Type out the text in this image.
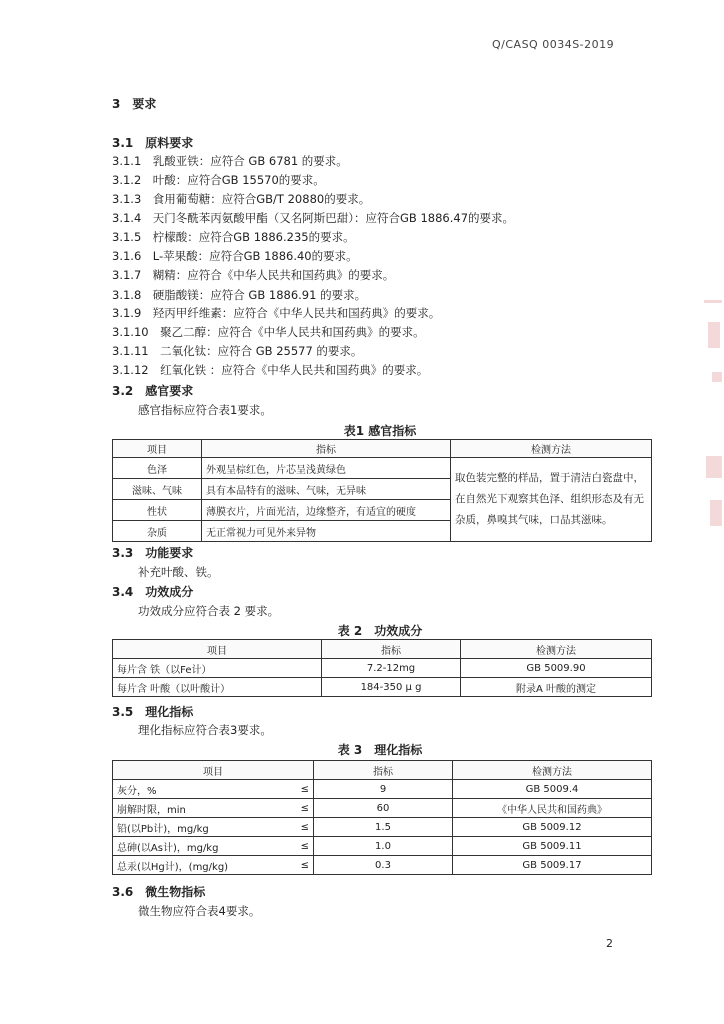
Q/CASQ 0034S-2019
3　要求
3.1　原料要求
3.1.1　乳酸亚铁：应符合 GB 6781 的要求。
3.1.2　叶酸：应符合GB 15570的要求。
3.1.3　食用葡萄糖：应符合GB/T 20880的要求。
3.1.4　天门冬酰苯丙氨酸甲酯（又名阿斯巴甜）：应符合GB 1886.47的要求。
3.1.5　柠檬酸：应符合GB 1886.235的要求。
3.1.6　L-苹果酸：应符合GB 1886.40的要求。
3.1.7　糊精：应符合《中华人民共和国药典》的要求。
3.1.8　硬脂酸镁：应符合 GB 1886.91 的要求。
3.1.9　羟丙甲纤维素：应符合《中华人民共和国药典》的要求。
3.1.10　聚乙二醇：应符合《中华人民共和国药典》的要求。
3.1.11　二氧化钛：应符合 GB 25577 的要求。
3.1.12　红氧化铁 ：应符合《中华人民共和国药典》的要求。
3.2　感官要求
感官指标应符合表1要求。
表1 感官指标
项目	指标	检测方法
色泽	外观呈棕红色，片芯呈浅黄绿色	取色装完整的样品，置于清洁白瓷盘中，在自然光下观察其色泽、组织形态及有无杂质，鼻嗅其气味，口品其滋味。
滋味、气味	具有本品特有的滋味、气味，无异味	
性状	薄膜衣片，片面光洁，边缘整齐，有适宜的硬度	
杂质	无正常视力可见外来异物	
3.3　功能要求
补充叶酸、铁。
3.4　功效成分
功效成分应符合表 2 要求。
表 2　功效成分
项目	指标	检测方法
每片含 铁（以Fe计）	7.2-12mg	GB 5009.90
每片含 叶酸（以叶酸计）	184-350 μ g	附录A 叶酸的测定
3.5　理化指标
理化指标应符合表3要求。
表 3　理化指标
项目		指标	检测方法
灰分，%	≤	9	GB 5009.4
崩解时限，min	≤	60	《中华人民共和国药典》
铅(以Pb计)，mg/kg	≤	1.5	GB 5009.12
总砷(以As计)，mg/kg	≤	1.0	GB 5009.11
总汞(以Hg计)，(mg/kg)	≤	0.3	GB 5009.17
3.6　微生物指标
微生物应符合表4要求。
2
